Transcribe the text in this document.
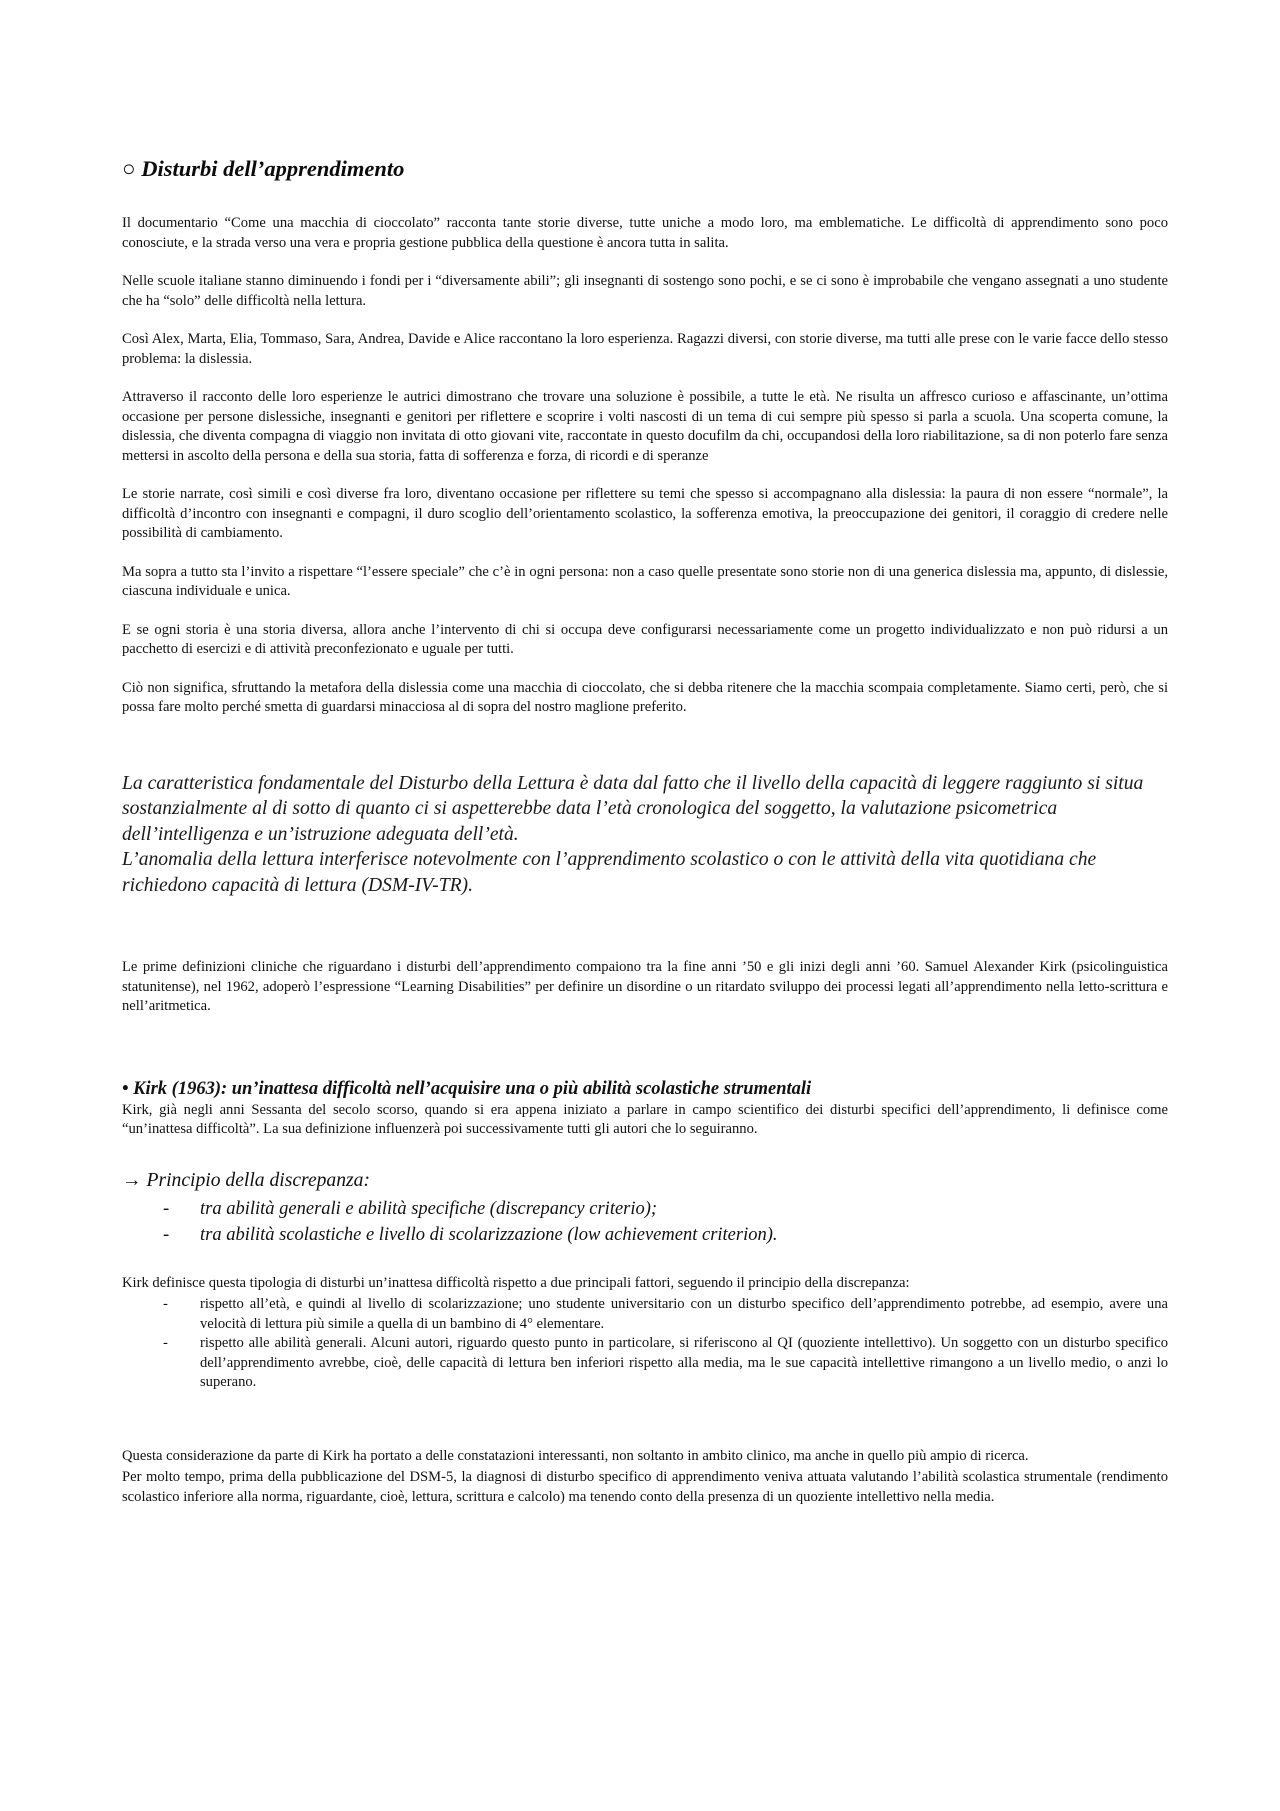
○ Disturbi dell’apprendimento

Il documentario “Come una macchia di cioccolato” racconta tante storie diverse, tutte uniche a modo loro, ma emblematiche. Le difficoltà di apprendimento sono poco conosciute, e la strada verso una vera e propria gestione pubblica della questione è ancora tutta in salita.

Nelle scuole italiane stanno diminuendo i fondi per i “diversamente abili”; gli insegnanti di sostengo sono pochi, e se ci sono è improbabile che vengano assegnati a uno studente che ha “solo” delle difficoltà nella lettura.

Così Alex, Marta, Elia, Tommaso, Sara, Andrea, Davide e Alice raccontano la loro esperienza. Ragazzi diversi, con storie diverse, ma tutti alle prese con le varie facce dello stesso problema: la dislessia.

Attraverso il racconto delle loro esperienze le autrici dimostrano che trovare una soluzione è possibile, a tutte le età. Ne risulta un affresco curioso e affascinante, un’ottima occasione per persone dislessiche, insegnanti e genitori per riflettere e scoprire i volti nascosti di un tema di cui sempre più spesso si parla a scuola. Una scoperta comune, la dislessia, che diventa compagna di viaggio non invitata di otto giovani vite, raccontate in questo docufilm da chi, occupandosi della loro riabilitazione, sa di non poterlo fare senza mettersi in ascolto della persona e della sua storia, fatta di sofferenza e forza, di ricordi e di speranze

Le storie narrate, così simili e così diverse fra loro, diventano occasione per riflettere su temi che spesso si accompagnano alla dislessia: la paura di non essere “normale”, la difficoltà d’incontro con insegnanti e compagni, il duro scoglio dell’orientamento scolastico, la sofferenza emotiva, la preoccupazione dei genitori, il coraggio di credere nelle possibilità di cambiamento.

Ma sopra a tutto sta l’invito a rispettare “l’essere speciale” che c’è in ogni persona: non a caso quelle presentate sono storie non di una generica dislessia ma, appunto, di dislessie, ciascuna individuale e unica.

E se ogni storia è una storia diversa, allora anche l’intervento di chi si occupa deve configurarsi necessariamente come un progetto individualizzato e non può ridursi a un pacchetto di esercizi e di attività preconfezionato e uguale per tutti.

Ciò non significa, sfruttando la metafora della dislessia come una macchia di cioccolato, che si debba ritenere che la macchia scompaia completamente. Siamo certi, però, che si possa fare molto perché smetta di guardarsi minacciosa al di sopra del nostro maglione preferito.

La caratteristica fondamentale del Disturbo della Lettura è data dal fatto che il livello della capacità di leggere raggiunto si situa sostanzialmente al di sotto di quanto ci si aspetterebbe data l’età cronologica del soggetto, la valutazione psicometrica dell’intelligenza e un’istruzione adeguata dell’età.

L’anomalia della lettura interferisce notevolmente con l’apprendimento scolastico o con le attività della vita quotidiana che richiedono capacità di lettura (DSM-IV-TR).

Le prime definizioni cliniche che riguardano i disturbi dell’apprendimento compaiono tra la fine anni ’50 e gli inizi degli anni ’60. Samuel Alexander Kirk (psicolinguistica statunitense), nel 1962, adoperò l’espressione “Learning Disabilities” per definire un disordine o un ritardato sviluppo dei processi legati all’apprendimento nella letto-scrittura e nell’aritmetica.

• Kirk (1963): un’inattesa difficoltà nell’acquisire una o più abilità scolastiche strumentali

Kirk, già negli anni Sessanta del secolo scorso, quando si era appena iniziato a parlare in campo scientifico dei disturbi specifici dell’apprendimento, li definisce come “un’inattesa difficoltà”. La sua definizione influenzerà poi successivamente tutti gli autori che lo seguiranno.

→ Principio della discrepanza:
- tra abilità generali e abilità specifiche (discrepancy criterio);
- tra abilità scolastiche e livello di scolarizzazione (low achievement criterion).

Kirk definisce questa tipologia di disturbi un’inattesa difficoltà rispetto a due principali fattori, seguendo il principio della discrepanza:

- rispetto all’età, e quindi al livello di scolarizzazione; uno studente universitario con un disturbo specifico dell’apprendimento potrebbe, ad esempio, avere una velocità di lettura più simile a quella di un bambino di 4° elementare.
- rispetto alle abilità generali. Alcuni autori, riguardo questo punto in particolare, si riferiscono al QI (quoziente intellettivo). Un soggetto con un disturbo specifico dell’apprendimento avrebbe, cioè, delle capacità di lettura ben inferiori rispetto alla media, ma le sue capacità intellettive rimangono a un livello medio, o anzi lo superano.

Questa considerazione da parte di Kirk ha portato a delle constatazioni interessanti, non soltanto in ambito clinico, ma anche in quello più ampio di ricerca.

Per molto tempo, prima della pubblicazione del DSM-5, la diagnosi di disturbo specifico di apprendimento veniva attuata valutando l’abilità scolastica strumentale (rendimento scolastico inferiore alla norma, riguardante, cioè, lettura, scrittura e calcolo) ma tenendo conto della presenza di un quoziente intellettivo nella media.
